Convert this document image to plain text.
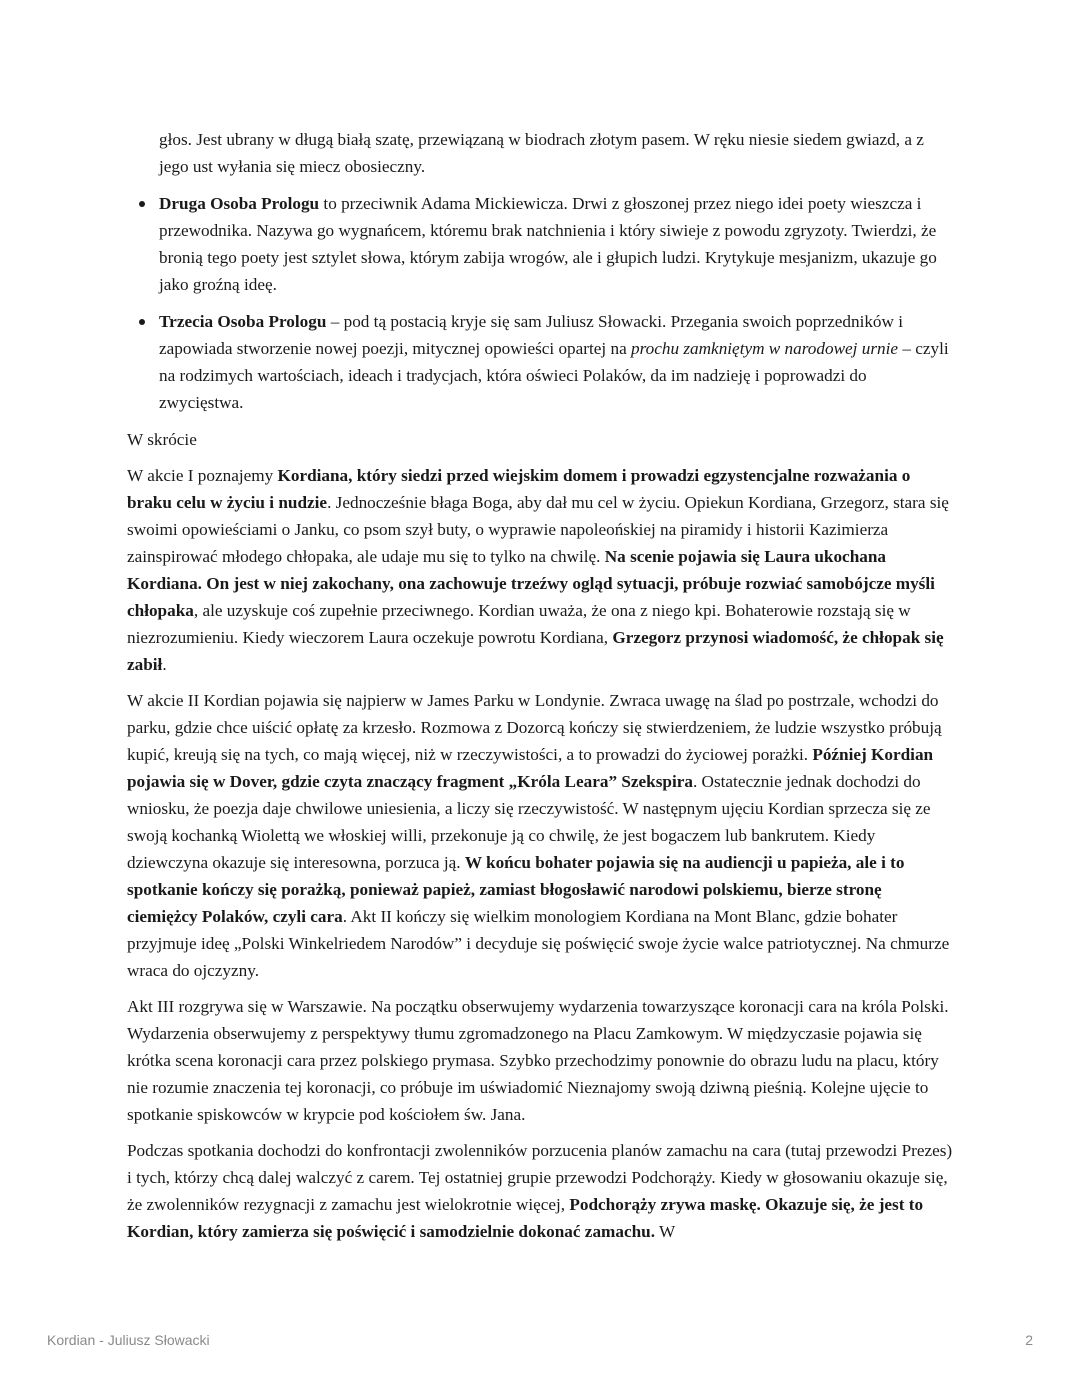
głos. Jest ubrany w długą białą szatę, przewiązaną w biodrach złotym pasem. W ręku niesie siedem gwiazd, a z jego ust wyłania się miecz obosieczny.

Druga Osoba Prologu to przeciwnik Adama Mickiewicza. Drwi z głoszonej przez niego idei poety wieszcza i przewodnika. Nazywa go wygnańcem, któremu brak natchnienia i który siwieje z powodu zgryzoty. Twierdzi, że bronią tego poety jest sztylet słowa, którym zabija wrogów, ale i głupich ludzi. Krytykuje mesjanizm, ukazuje go jako groźną ideę.
Trzecia Osoba Prologu – pod tą postacią kryje się sam Juliusz Słowacki. Przegania swoich poprzedników i zapowiada stworzenie nowej poezji, mitycznej opowieści opartej na prochu zamkniętym w narodowej urnie – czyli na rodzimych wartościach, ideach i tradycjach, która oświeci Polaków, da im nadzieję i poprowadzi do zwycięstwa.

W skrócie

W akcie I poznajemy Kordiana, który siedzi przed wiejskim domem i prowadzi egzystencjalne rozważania o braku celu w życiu i nudzie. Jednocześnie błaga Boga, aby dał mu cel w życiu. Opiekun Kordiana, Grzegorz, stara się swoimi opowieściami o Janku, co psom szył buty, o wyprawie napoleońskiej na piramidy i historii Kazimierza zainspirować młodego chłopaka, ale udaje mu się to tylko na chwilę. Na scenie pojawia się Laura ukochana Kordiana. On jest w niej zakochany, ona zachowuje trzeźwy ogląd sytuacji, próbuje rozwiać samobójcze myśli chłopaka, ale uzyskuje coś zupełnie przeciwnego. Kordian uważa, że ona z niego kpi. Bohaterowie rozstają się w niezrozumieniu. Kiedy wieczorem Laura oczekuje powrotu Kordiana, Grzegorz przynosi wiadomość, że chłopak się zabił.

W akcie II Kordian pojawia się najpierw w James Parku w Londynie. Zwraca uwagę na ślad po postrzale, wchodzi do parku, gdzie chce uiścić opłatę za krzesło. Rozmowa z Dozorcą kończy się stwierdzeniem, że ludzie wszystko próbują kupić, kreują się na tych, co mają więcej, niż w rzeczywistości, a to prowadzi do życiowej porażki. Później Kordian pojawia się w Dover, gdzie czyta znaczący fragment „Króla Leara” Szekspira. Ostatecznie jednak dochodzi do wniosku, że poezja daje chwilowe uniesienia, a liczy się rzeczywistość. W następnym ujęciu Kordian sprzecza się ze swoją kochanką Wiolettą we włoskiej willi, przekonuje ją co chwilę, że jest bogaczem lub bankrutem. Kiedy dziewczyna okazuje się interesowna, porzuca ją. W końcu bohater pojawia się na audiencji u papieża, ale i to spotkanie kończy się porażką, ponieważ papież, zamiast błogosławić narodowi polskiemu, bierze stronę ciemiężcy Polaków, czyli cara. Akt II kończy się wielkim monologiem Kordiana na Mont Blanc, gdzie bohater przyjmuje ideę „Polski Winkelriedem Narodów” i decyduje się poświęcić swoje życie walce patriotycznej. Na chmurze wraca do ojczyzny.

Akt III rozgrywa się w Warszawie. Na początku obserwujemy wydarzenia towarzyszące koronacji cara na króla Polski. Wydarzenia obserwujemy z perspektywy tłumu zgromadzonego na Placu Zamkowym. W międzyczasie pojawia się krótka scena koronacji cara przez polskiego prymasa. Szybko przechodzimy ponownie do obrazu ludu na placu, który nie rozumie znaczenia tej koronacji, co próbuje im uświadomić Nieznajomy swoją dziwną pieśnią. Kolejne ujęcie to spotkanie spiskowców w krypcie pod kościołem św. Jana.

Podczas spotkania dochodzi do konfrontacji zwolenników porzucenia planów zamachu na cara (tutaj przewodzi Prezes) i tych, którzy chcą dalej walczyć z carem. Tej ostatniej grupie przewodzi Podchorąży. Kiedy w głosowaniu okazuje się, że zwolenników rezygnacji z zamachu jest wielokrotnie więcej, Podchorąży zrywa maskę. Okazuje się, że jest to Kordian, który zamierza się poświęcić i samodzielnie dokonać zamachu. W

Kordian - Juliusz Słowacki	2
